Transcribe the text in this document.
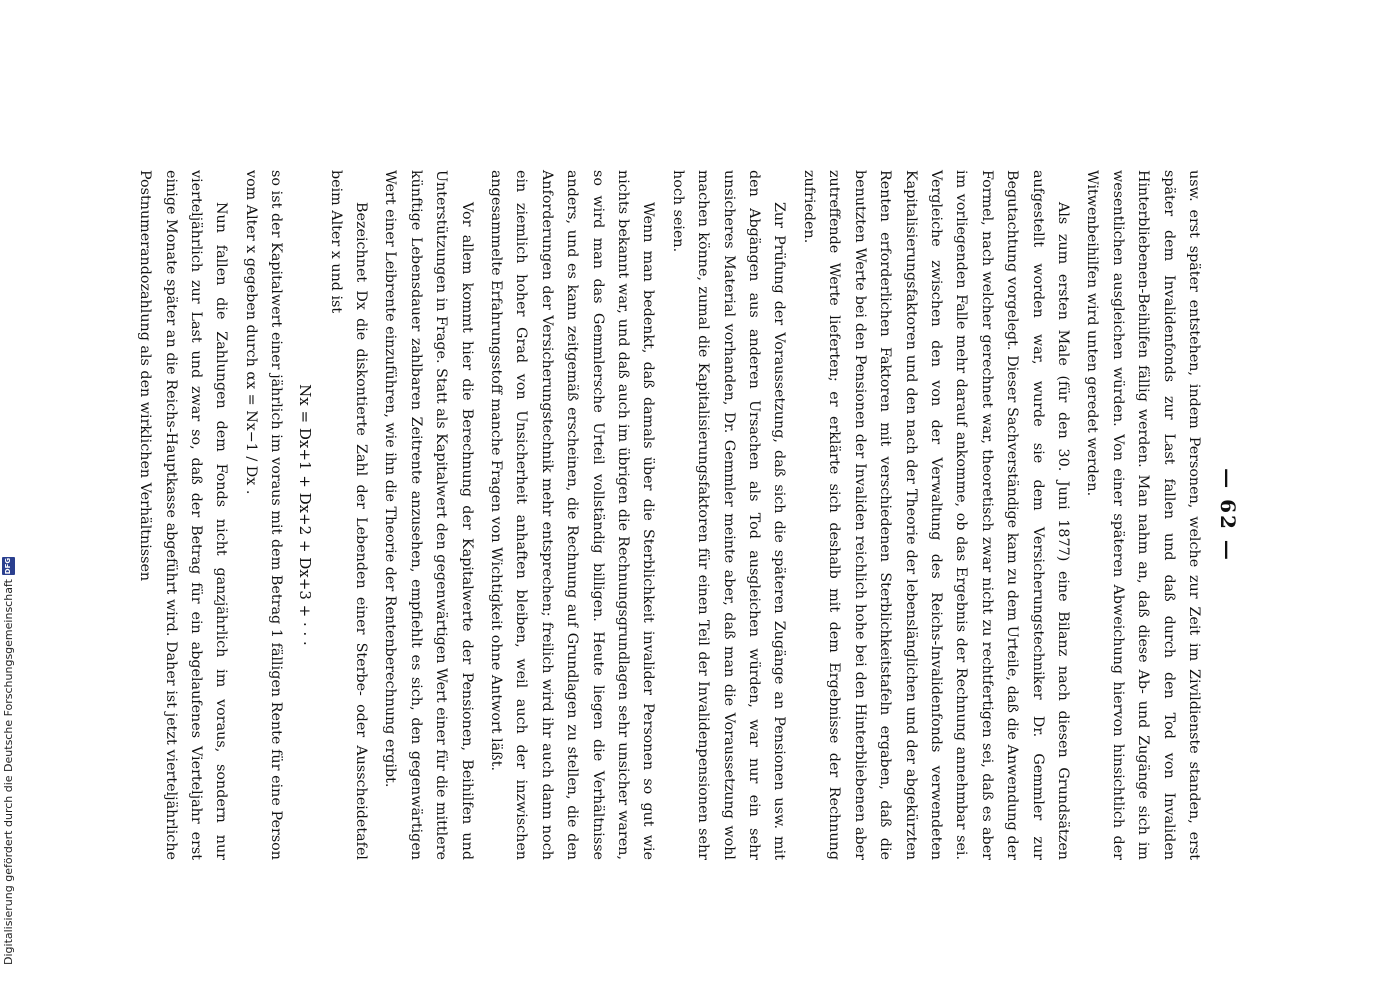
— 62 —

usw. erst später entstehen, indem Personen, welche zur Zeit im Zivildienste standen, erst später dem Invalidenfonds zur Last fallen und daß durch den Tod von Invaliden Hinterbliebenen-Beihilfen fällig werden. Man nahm an, daß diese Ab- und Zugänge sich im wesentlichen ausgleichen würden. Von einer späteren Abweichung hiervon hinsichtlich der Witwenbeihilfen wird unten geredet werden.

Als zum ersten Male (für den 30. Juni 1877) eine Bilanz nach diesen Grundsätzen aufgestellt worden war, wurde sie dem Versicherungstechniker Dr. Gemmler zur Begutachtung vorgelegt. Dieser Sachverständige kam zu dem Urteile, daß die Anwendung der Formel, nach welcher gerechnet war, theoretisch zwar nicht zu rechtfertigen sei, daß es aber im vorliegenden Falle mehr darauf ankomme, ob das Ergebnis der Rechnung annehmbar sei. Vergleiche zwischen den von der Verwaltung des Reichs-Invalidenfonds verwendeten Kapitalisierungsfaktoren und den nach der Theorie der lebenslänglichen und der abgekürzten Renten erforderlichen Faktoren mit verschiedenen Sterblichkeitstafeln ergaben, daß die benutzten Werte bei den Pensionen der Invaliden reichlich hohe bei den Hinterbliebenen aber zutreffende Werte lieferten; er erklärte sich deshalb mit dem Ergebnisse der Rechnung zufrieden.

Zur Prüfung der Voraussetzung, daß sich die späteren Zugänge an Pensionen usw. mit den Abgängen aus anderen Ursachen als Tod ausgleichen würden, war nur ein sehr unsicheres Material vorhanden, Dr. Gemmler meinte aber, daß man die Voraussetzung wohl machen könne, zumal die Kapitalisierungsfaktoren für einen Teil der Invalidenpensionen sehr hoch seien.

Wenn man bedenkt, daß damals über die Sterblichkeit invalider Personen so gut wie nichts bekannt war, und daß auch im übrigen die Rechnungsgrundlagen sehr unsicher waren, so wird man das Gemmlersche Urteil vollständig billigen. Heute liegen die Verhältnisse anders, und es kann zeitgemäß erscheinen, die Rechnung auf Grundlagen zu stellen, die den Anforderungen der Versicherungstechnik mehr entsprechen; freilich wird ihr auch dann noch ein ziemlich hoher Grad von Unsicherheit anhaften bleiben, weil auch der inzwischen angesammelte Erfahrungsstoff manche Fragen von Wichtigkeit ohne Antwort läßt.

Vor allem kommt hier die Berechnung der Kapitalwerte der Pensionen, Beihilfen und Unterstützungen in Frage. Statt als Kapitalwert den gegenwärtigen Wert einer für die mittlere künftige Lebensdauer zahlbaren Zeitrente anzusehen, empfiehlt es sich, den gegenwärtigen Wert einer Leibrente einzuführen, wie ihn die Theorie der Rentenberechnung ergibt.

Bezeichnet Dx die diskontierte Zahl der Lebenden einer Sterbe- oder Ausscheidetafel beim Alter x und ist

Nx = Dx+1 + Dx+2 + Dx+3 + · · ·

so ist der Kapitalwert einer jährlich im voraus mit dem Betrag 1 fälligen Rente für eine Person vom Alter x gegeben durch αx = Nx−1 / Dx .

Nun fallen die Zahlungen dem Fonds nicht ganzjährlich im voraus, sondern nur vierteljährlich zur Last und zwar so, daß der Betrag für ein abgelaufenes Vierteljahr erst einige Monate später an die Reichs-Hauptkasse abgeführt wird. Daher ist jetzt vierteljährliche Postnumerandozahlung als den wirklichen Verhältnissen

Digitalisierung gefördert durch die Deutsche Forschungsgemeinschaft
DFG
